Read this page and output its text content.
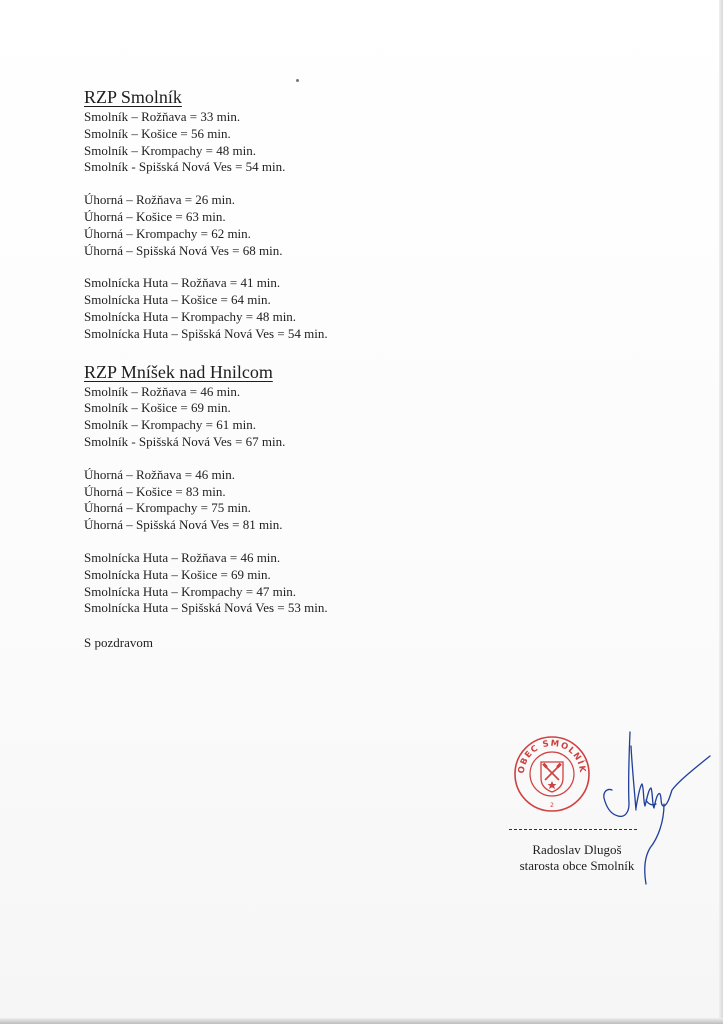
RZP Smolník
Smolník – Rožňava = 33 min.
Smolník – Košice = 56 min.
Smolník – Krompachy = 48 min.
Smolník - Spišská Nová Ves = 54 min.
Úhorná – Rožňava = 26 min.
Úhorná – Košice = 63 min.
Úhorná – Krompachy = 62 min.
Úhorná – Spišská Nová Ves = 68 min.
Smolnícka Huta – Rožňava = 41 min.
Smolnícka Huta – Košice = 64 min.
Smolnícka Huta – Krompachy = 48 min.
Smolnícka Huta – Spišská Nová Ves = 54 min.
RZP Mníšek nad Hnilcom
Smolník – Rožňava = 46 min.
Smolník – Košice = 69 min.
Smolník – Krompachy = 61 min.
Smolník - Spišská Nová Ves = 67 min.
Úhorná – Rožňava = 46 min.
Úhorná – Košice = 83 min.
Úhorná – Krompachy = 75 min.
Úhorná – Spišská Nová Ves = 81 min.
Smolnícka Huta – Rožňava = 46 min.
Smolnícka Huta – Košice = 69 min.
Smolnícka Huta – Krompachy = 47 min.
Smolnícka Huta – Spišská Nová Ves = 53 min.
S pozdravom
OBEC SMOLNÍK
2
Radoslav Dlugoš
starosta obce Smolník
